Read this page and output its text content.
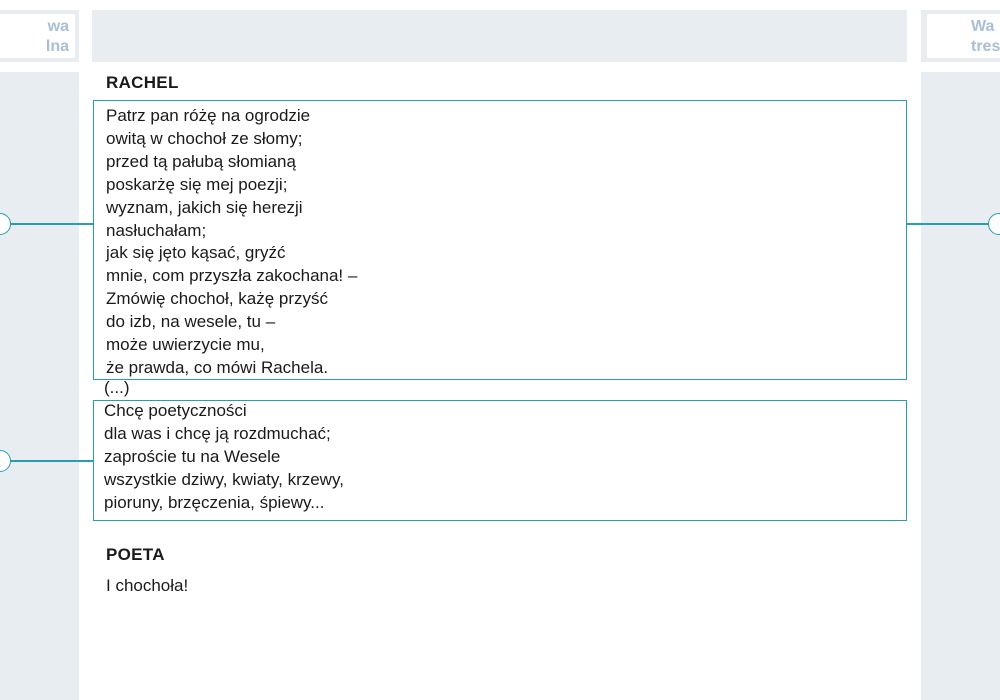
wa
lna
Wa
tres
RACHEL
Patrz pan różę na ogrodzie
owitą w chochoł ze słomy;
przed tą pałubą słomianą
poskarżę się mej poezji;
wyznam, jakich się herezji
nasłuchałam;
jak się jęto kąsać, gryźć
mnie, com przyszła zakochana! –
Zmówię chochoł, każę przyść
do izb, na wesele, tu –
może uwierzycie mu,
że prawda, co mówi Rachela.
(...)
Chcę poetyczności
dla was i chcę ją rozdmuchać;
zaproście tu na Wesele
wszystkie dziwy, kwiaty, krzewy,
pioruny, brzęczenia, śpiewy...
POETA
I chochoła!
